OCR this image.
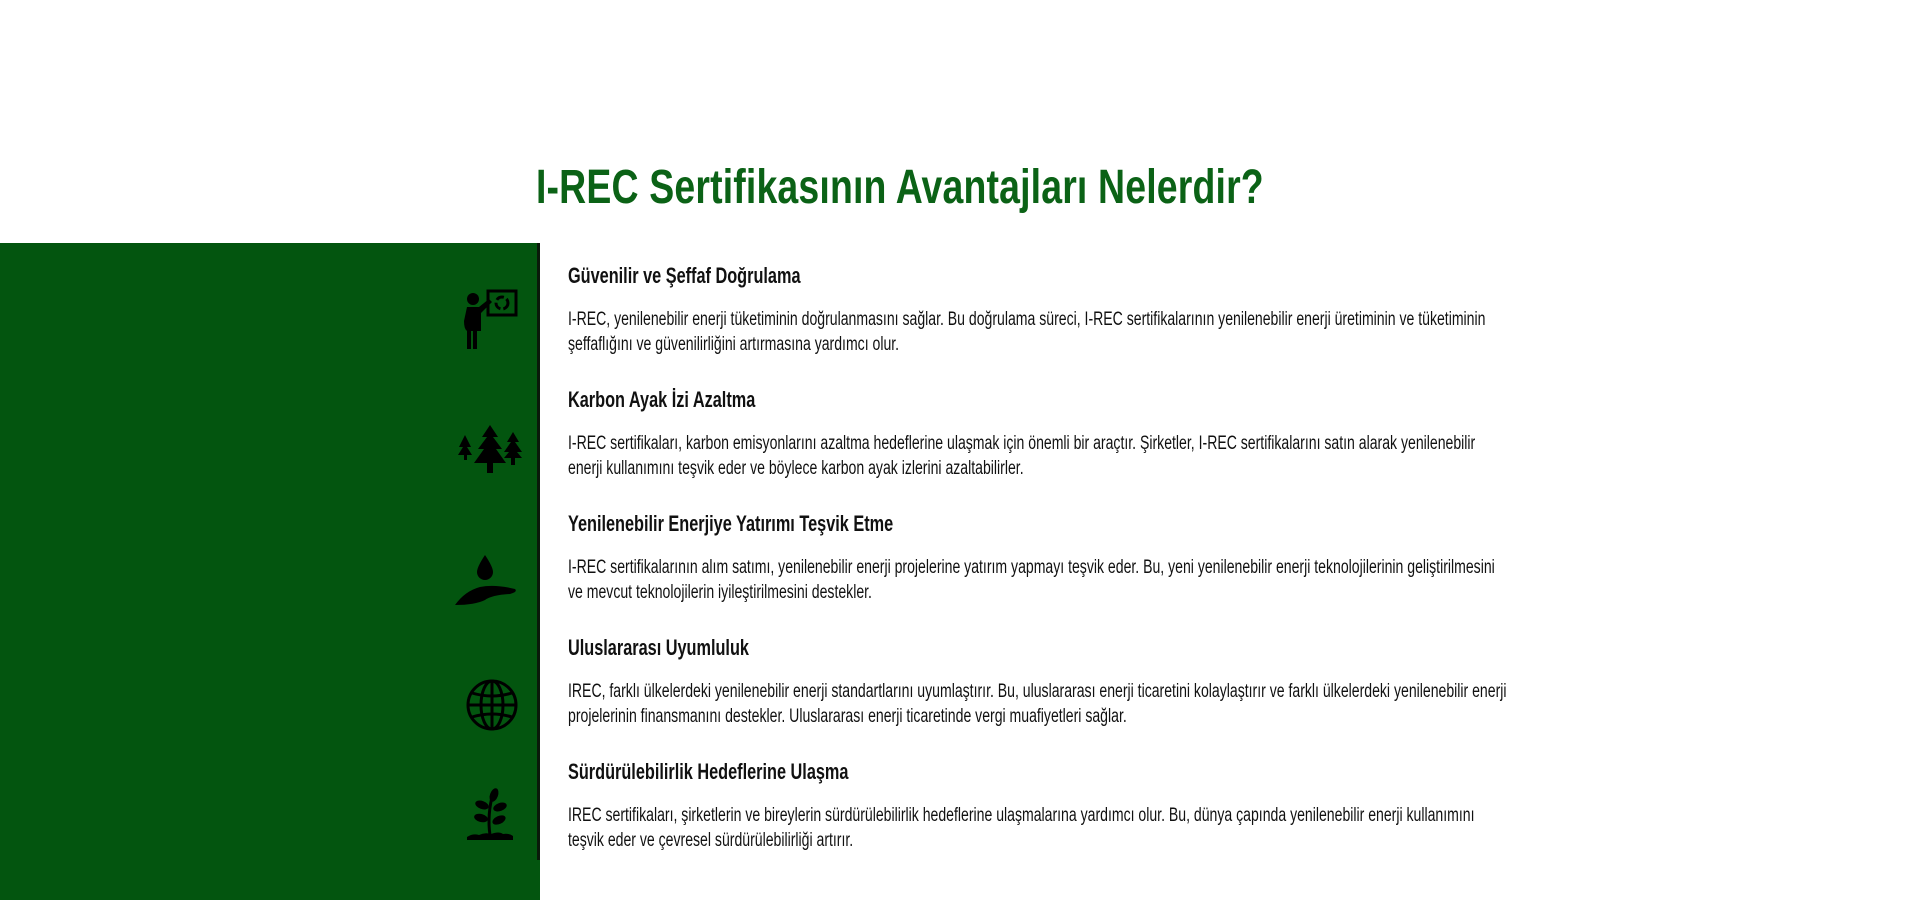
I-REC Sertifikasının Avantajları Nelerdir?
Güvenilir ve Şeffaf Doğrulama

I-REC, yenilenebilir enerji tüketiminin doğrulanmasını sağlar. Bu doğrulama süreci, I-REC sertifikalarının yenilenebilir enerji üretiminin ve tüketiminin şeffaflığını ve güvenilirliğini artırmasına yardımcı olur.

Karbon Ayak İzi Azaltma

I-REC sertifikaları, karbon emisyonlarını azaltma hedeflerine ulaşmak için önemli bir araçtır. Şirketler, I-REC sertifikalarını satın alarak yenilenebilir enerji kullanımını teşvik eder ve böylece karbon ayak izlerini azaltabilirler.

Yenilenebilir Enerjiye Yatırımı Teşvik Etme

I-REC sertifikalarının alım satımı, yenilenebilir enerji projelerine yatırım yapmayı teşvik eder. Bu, yeni yenilenebilir enerji teknolojilerinin geliştirilmesini ve mevcut teknolojilerin iyileştirilmesini destekler.

Uluslararası Uyumluluk

IREC, farklı ülkelerdeki yenilenebilir enerji standartlarını uyumlaştırır. Bu, uluslararası enerji ticaretini kolaylaştırır ve farklı ülkelerdeki yenilenebilir enerji projelerinin finansmanını destekler. Uluslararası enerji ticaretinde vergi muafiyetleri sağlar.

Sürdürülebilirlik Hedeflerine Ulaşma

IREC sertifikaları, şirketlerin ve bireylerin sürdürülebilirlik hedeflerine ulaşmalarına yardımcı olur. Bu, dünya çapında yenilenebilir enerji kullanımını teşvik eder ve çevresel sürdürülebilirliği artırır.
